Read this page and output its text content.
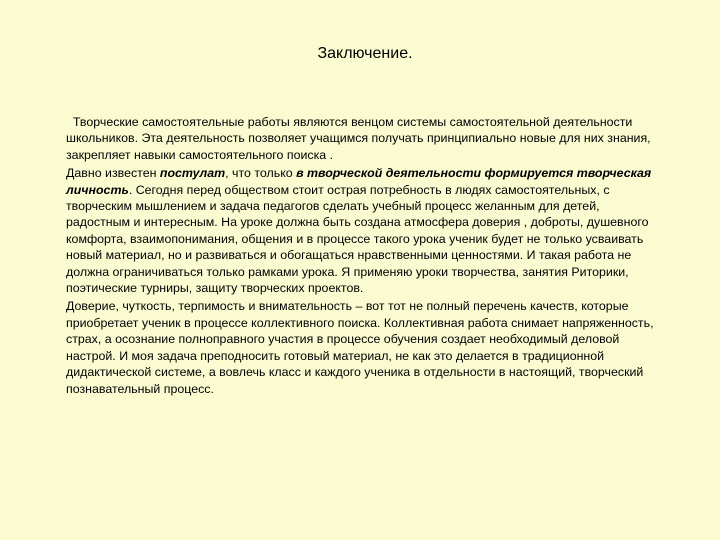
Заключение.

Творческие самостоятельные работы являются венцом системы самостоятельной деятельности школьников. Эта деятельность позволяет учащимся получать принципиально новые для них знания, закрепляет навыки самостоятельного поиска .

Давно известен постулат, что только в творческой деятельности формируется творческая личность. Сегодня перед обществом стоит острая потребность в людях самостоятельных, с творческим мышлением и задача педагогов сделать учебный процесс желанным для детей, радостным и интересным. На уроке должна быть создана атмосфера доверия , доброты, душевного комфорта, взаимопонимания, общения и в процессе такого урока ученик будет не только усваивать новый материал, но и развиваться и обогащаться нравственными ценностями. И такая работа не должна ограничиваться только рамками урока. Я применяю уроки творчества, занятия Риторики, поэтические турниры, защиту творческих проектов.

Доверие, чуткость, терпимость и внимательность – вот тот не полный перечень качеств, которые приобретает ученик в процессе коллективного поиска. Коллективная работа снимает напряженность, страх, а осознание полноправного участия в процессе обучения создает необходимый деловой настрой. И моя задача преподносить готовый материал, не как это делается в традиционной дидактической системе, а вовлечь класс и каждого ученика в отдельности в настоящий, творческий познавательный процесс.
